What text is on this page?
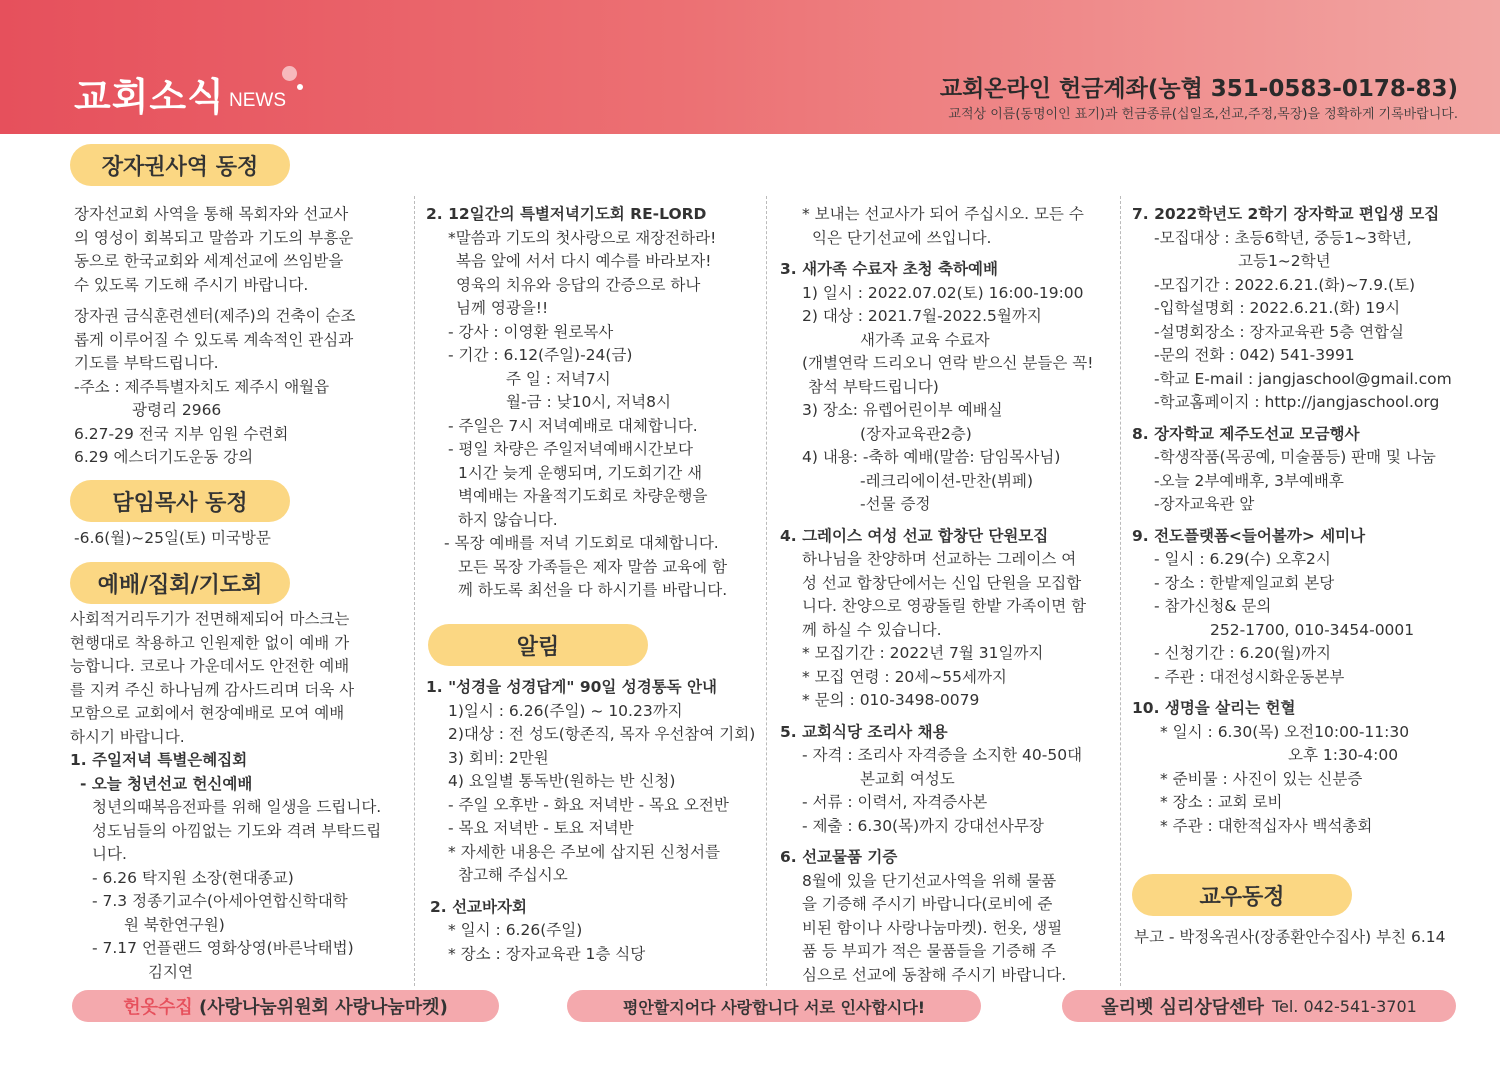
교회소식 NEWS	교회온라인 헌금계좌(농협 351-0583-0178-83)
교적상 이름(동명이인 표기)과 헌금종류(십일조,선교,주정,목장)을 정확하게 기록바랍니다.
장자권사역 동정
장자선교회 사역을 통해 목회자와 선교사
의 영성이 회복되고 말씀과 기도의 부흥운
동으로 한국교회와 세계선교에 쓰임받을
수 있도록 기도해 주시기 바랍니다.
장자권 금식훈련센터(제주)의 건축이 순조
롭게 이루어질 수 있도록 계속적인 관심과
기도를 부탁드립니다.
-주소 : 제주특별자치도 제주시 애월읍
광령리 2966
6.27-29 전국 지부 임원 수련회
6.29 에스더기도운동 강의
담임목사 동정
-6.6(월)~25일(토) 미국방문
예배/집회/기도회
사회적거리두기가 전면해제되어 마스크는
현행대로 착용하고 인원제한 없이 예배 가
능합니다. 코로나 가운데서도 안전한 예배
를 지켜 주신 하나님께 감사드리며 더욱 사
모함으로 교회에서 현장예배로 모여 예배
하시기 바랍니다.
1. 주일저녁 특별은혜집회
- 오늘 청년선교 헌신예배
청년의때복음전파를 위해 일생을 드립니다.
성도님들의 아낌없는 기도와 격려 부탁드립
니다.
- 6.26 탁지원 소장(현대종교)
- 7.3 정종기교수(아세아연합신학대학
원 북한연구원)
- 7.17 언플랜드 영화상영(바른낙태법)
김지연
2. 12일간의 특별저녁기도회 RE-LORD
*말씀과 기도의 첫사랑으로 재장전하라!
복음 앞에 서서 다시 예수를 바라보자!
영육의 치유와 응답의 간증으로 하나
님께 영광을!!
- 강사 : 이영환 원로목사
- 기간 : 6.12(주일)-24(금)
주 일 : 저녁7시
월-금 : 낮10시, 저녁8시
- 주일은 7시 저녁예배로 대체합니다.
- 평일 차량은 주일저녁예배시간보다
1시간 늦게 운행되며, 기도회기간 새
벽예배는 자율적기도회로 차량운행을
하지 않습니다.
- 목장 예배를 저녁 기도회로 대체합니다.
모든 목장 가족들은 제자 말씀 교육에 함
께 하도록 최선을 다 하시기를 바랍니다.
알림
1. "성경을 성경답게" 90일 성경통독 안내
1)일시 : 6.26(주일) ~ 10.23까지
2)대상 : 전 성도(항존직, 목자 우선참여 기회)
3) 회비: 2만원
4) 요일별 통독반(원하는 반 신청)
- 주일 오후반 - 화요 저녁반 - 목요 오전반
- 목요 저녁반 - 토요 저녁반
* 자세한 내용은 주보에 삽지된 신청서를
참고해 주십시오
2. 선교바자회
* 일시 : 6.26(주일)
* 장소 : 장자교육관 1층 식당
* 보내는 선교사가 되어 주십시오. 모든 수
익은 단기선교에 쓰입니다.
3. 새가족 수료자 초청 축하예배
1) 일시 : 2022.07.02(토) 16:00-19:00
2) 대상 : 2021.7월-2022.5월까지
새가족 교육 수료자
(개별연락 드리오니 연락 받으신 분들은 꼭!
참석 부탁드립니다)
3) 장소: 유렙어린이부 예배실
(장자교육관2층)
4) 내용: -축하 예배(말씀: 담임목사님)
-레크리에이션-만찬(뷔페)
-선물 증정
4. 그레이스 여성 선교 합창단 단원모집
하나님을 찬양하며 선교하는 그레이스 여
성 선교 합창단에서는 신입 단원을 모집합
니다. 찬양으로 영광돌릴 한밭 가족이면 함
께 하실 수 있습니다.
* 모집기간 : 2022년 7월 31일까지
* 모집 연령 : 20세~55세까지
* 문의 : 010-3498-0079
5. 교회식당 조리사 채용
- 자격 : 조리사 자격증을 소지한 40-50대
본교회 여성도
- 서류 : 이력서, 자격증사본
- 제출 : 6.30(목)까지 강대선사무장
6. 선교물품 기증
8월에 있을 단기선교사역을 위해 물품
을 기증해 주시기 바랍니다(로비에 준
비된 함이나 사랑나눔마켓). 헌옷, 생필
품 등 부피가 적은 물품들을 기증해 주
심으로 선교에 동참해 주시기 바랍니다.
7. 2022학년도 2학기 장자학교 편입생 모집
-모집대상 : 초등6학년, 중등1~3학년,
고등1~2학년
-모집기간 : 2022.6.21.(화)~7.9.(토)
-입학설명회 : 2022.6.21.(화) 19시
-설명회장소 : 장자교육관 5층 연합실
-문의 전화 : 042) 541-3991
-학교 E-mail : jangjaschool@gmail.com
-학교홈페이지 : http://jangjaschool.org
8. 장자학교 제주도선교 모금행사
-학생작품(목공예, 미술품등) 판매 및 나눔
-오늘 2부예배후, 3부예배후
-장자교육관 앞
9. 전도플랫폼<들어볼까> 세미나
- 일시 : 6.29(수) 오후2시
- 장소 : 한밭제일교회 본당
- 참가신청& 문의
252-1700, 010-3454-0001
- 신청기간 : 6.20(월)까지
- 주관 : 대전성시화운동본부
10. 생명을 살리는 헌혈
* 일시 : 6.30(목) 오전10:00-11:30
오후 1:30-4:00
* 준비물 : 사진이 있는 신분증
* 장소 : 교회 로비
* 주관 : 대한적십자사 백석총회
교우동정
부고 - 박정옥권사(장종환안수집사) 부친 6.14
헌옷수집
(사랑나눔위원회 사랑나눔마켓)	평안할지어다 사랑합니다 서로 인사합시다!	올리벳 심리상담센타 Tel. 042-541-3701
